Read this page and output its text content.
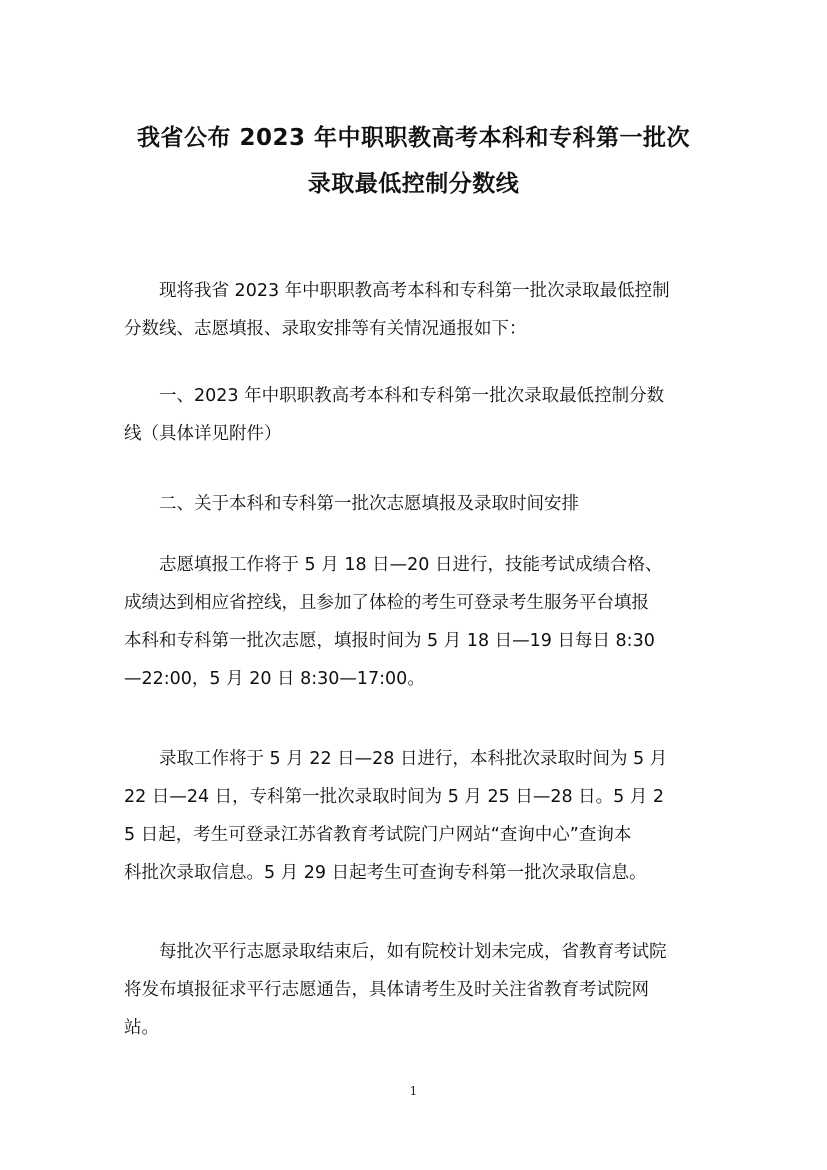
我省公布 2023 年中职职教高考本科和专科第一批次
录取最低控制分数线

现将我省 2023 年中职职教高考本科和专科第一批次录取最低控制
分数线、志愿填报、录取安排等有关情况通报如下：

一、2023 年中职职教高考本科和专科第一批次录取最低控制分数
线（具体详见附件）

二、关于本科和专科第一批次志愿填报及录取时间安排

志愿填报工作将于 5 月 18 日—20 日进行，技能考试成绩合格、
成绩达到相应省控线，且参加了体检的考生可登录考生服务平台填报
本科和专科第一批次志愿，填报时间为 5 月 18 日—19 日每日 8:30
—22:00，5 月 20 日 8:30—17:00。

录取工作将于 5 月 22 日—28 日进行，本科批次录取时间为 5 月
22 日—24 日，专科第一批次录取时间为 5 月 25 日—28 日。5 月 2
5 日起，考生可登录江苏省教育考试院门户网站“查询中心”查询本
科批次录取信息。5 月 29 日起考生可查询专科第一批次录取信息。

每批次平行志愿录取结束后，如有院校计划未完成，省教育考试院
将发布填报征求平行志愿通告，具体请考生及时关注省教育考试院网
站。

1
